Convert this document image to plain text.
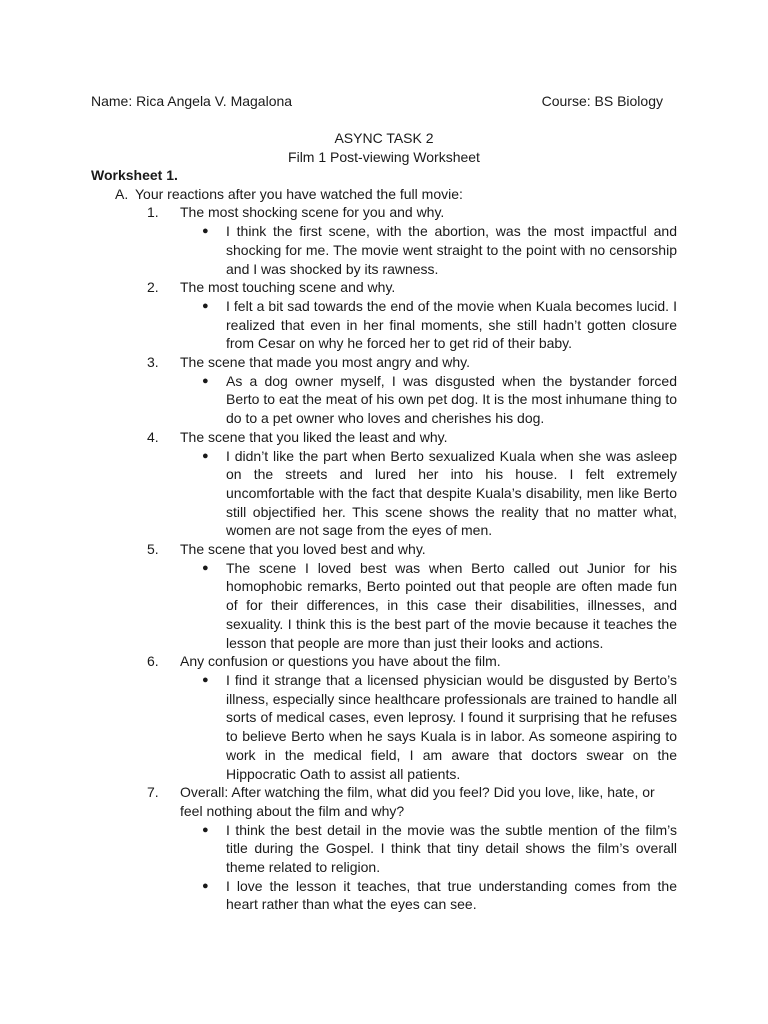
Name: Rica Angela V. Magalona	Course: BS Biology
ASYNC TASK 2
Film 1 Post-viewing Worksheet
Worksheet 1.
A. Your reactions after you have watched the full movie:
1. The most shocking scene for you and why.
● I think the first scene, with the abortion, was the most impactful and shocking for me. The movie went straight to the point with no censorship and I was shocked by its rawness.
2. The most touching scene and why.
● I felt a bit sad towards the end of the movie when Kuala becomes lucid. I realized that even in her final moments, she still hadn’t gotten closure from Cesar on why he forced her to get rid of their baby.
3. The scene that made you most angry and why.
● As a dog owner myself, I was disgusted when the bystander forced Berto to eat the meat of his own pet dog. It is the most inhumane thing to do to a pet owner who loves and cherishes his dog.
4. The scene that you liked the least and why.
● I didn’t like the part when Berto sexualized Kuala when she was asleep on the streets and lured her into his house. I felt extremely uncomfortable with the fact that despite Kuala’s disability, men like Berto still objectified her. This scene shows the reality that no matter what, women are not sage from the eyes of men.
5. The scene that you loved best and why.
● The scene I loved best was when Berto called out Junior for his homophobic remarks, Berto pointed out that people are often made fun of for their differences, in this case their disabilities, illnesses, and sexuality. I think this is the best part of the movie because it teaches the lesson that people are more than just their looks and actions.
6. Any confusion or questions you have about the film.
● I find it strange that a licensed physician would be disgusted by Berto’s illness, especially since healthcare professionals are trained to handle all sorts of medical cases, even leprosy. I found it surprising that he refuses to believe Berto when he says Kuala is in labor. As someone aspiring to work in the medical field, I am aware that doctors swear on the Hippocratic Oath to assist all patients.
7. Overall: After watching the film, what did you feel? Did you love, like, hate, or feel nothing about the film and why?
● I think the best detail in the movie was the subtle mention of the film’s title during the Gospel. I think that tiny detail shows the film’s overall theme related to religion.
● I love the lesson it teaches, that true understanding comes from the heart rather than what the eyes can see.
